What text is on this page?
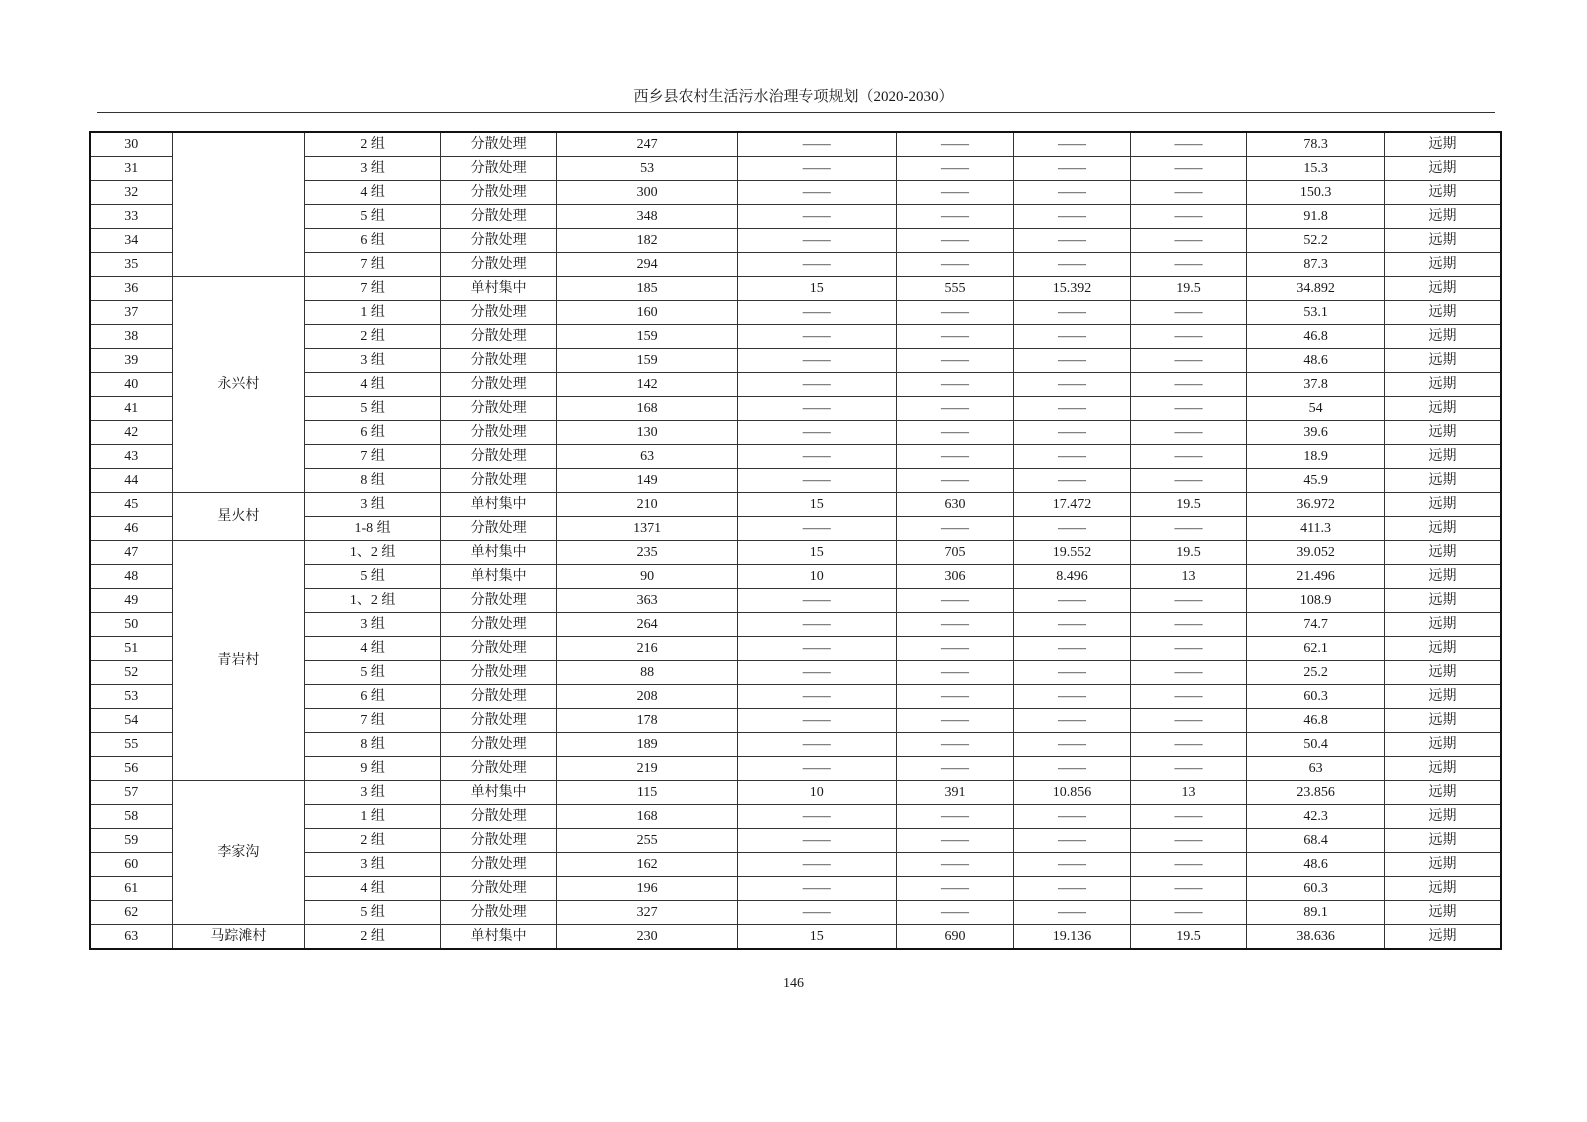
西乡县农村生活污水治理专项规划（2020-2030）
30		2 组	分散处理	247	——	——	——	——	78.3	远期
31		3 组	分散处理	53	——	——	——	——	15.3	远期
32		4 组	分散处理	300	——	——	——	——	150.3	远期
33		5 组	分散处理	348	——	——	——	——	91.8	远期
34		6 组	分散处理	182	——	——	——	——	52.2	远期
35		7 组	分散处理	294	——	——	——	——	87.3	远期
36	永兴村	7 组	单村集中	185	15	555	15.392	19.5	34.892	远期
37		1 组	分散处理	160	——	——	——	——	53.1	远期
38		2 组	分散处理	159	——	——	——	——	46.8	远期
39		3 组	分散处理	159	——	——	——	——	48.6	远期
40		4 组	分散处理	142	——	——	——	——	37.8	远期
41		5 组	分散处理	168	——	——	——	——	54	远期
42		6 组	分散处理	130	——	——	——	——	39.6	远期
43		7 组	分散处理	63	——	——	——	——	18.9	远期
44		8 组	分散处理	149	——	——	——	——	45.9	远期
45	星火村	3 组	单村集中	210	15	630	17.472	19.5	36.972	远期
46		1-8 组	分散处理	1371	——	——	——	——	411.3	远期
47	青岩村	1、2 组	单村集中	235	15	705	19.552	19.5	39.052	远期
48		5 组	单村集中	90	10	306	8.496	13	21.496	远期
49		1、2 组	分散处理	363	——	——	——	——	108.9	远期
50		3 组	分散处理	264	——	——	——	——	74.7	远期
51		4 组	分散处理	216	——	——	——	——	62.1	远期
52		5 组	分散处理	88	——	——	——	——	25.2	远期
53		6 组	分散处理	208	——	——	——	——	60.3	远期
54		7 组	分散处理	178	——	——	——	——	46.8	远期
55		8 组	分散处理	189	——	——	——	——	50.4	远期
56		9 组	分散处理	219	——	——	——	——	63	远期
57	李家沟	3 组	单村集中	115	10	391	10.856	13	23.856	远期
58		1 组	分散处理	168	——	——	——	——	42.3	远期
59		2 组	分散处理	255	——	——	——	——	68.4	远期
60		3 组	分散处理	162	——	——	——	——	48.6	远期
61		4 组	分散处理	196	——	——	——	——	60.3	远期
62		5 组	分散处理	327	——	——	——	——	89.1	远期
63	马踪滩村	2 组	单村集中	230	15	690	19.136	19.5	38.636	远期
146
